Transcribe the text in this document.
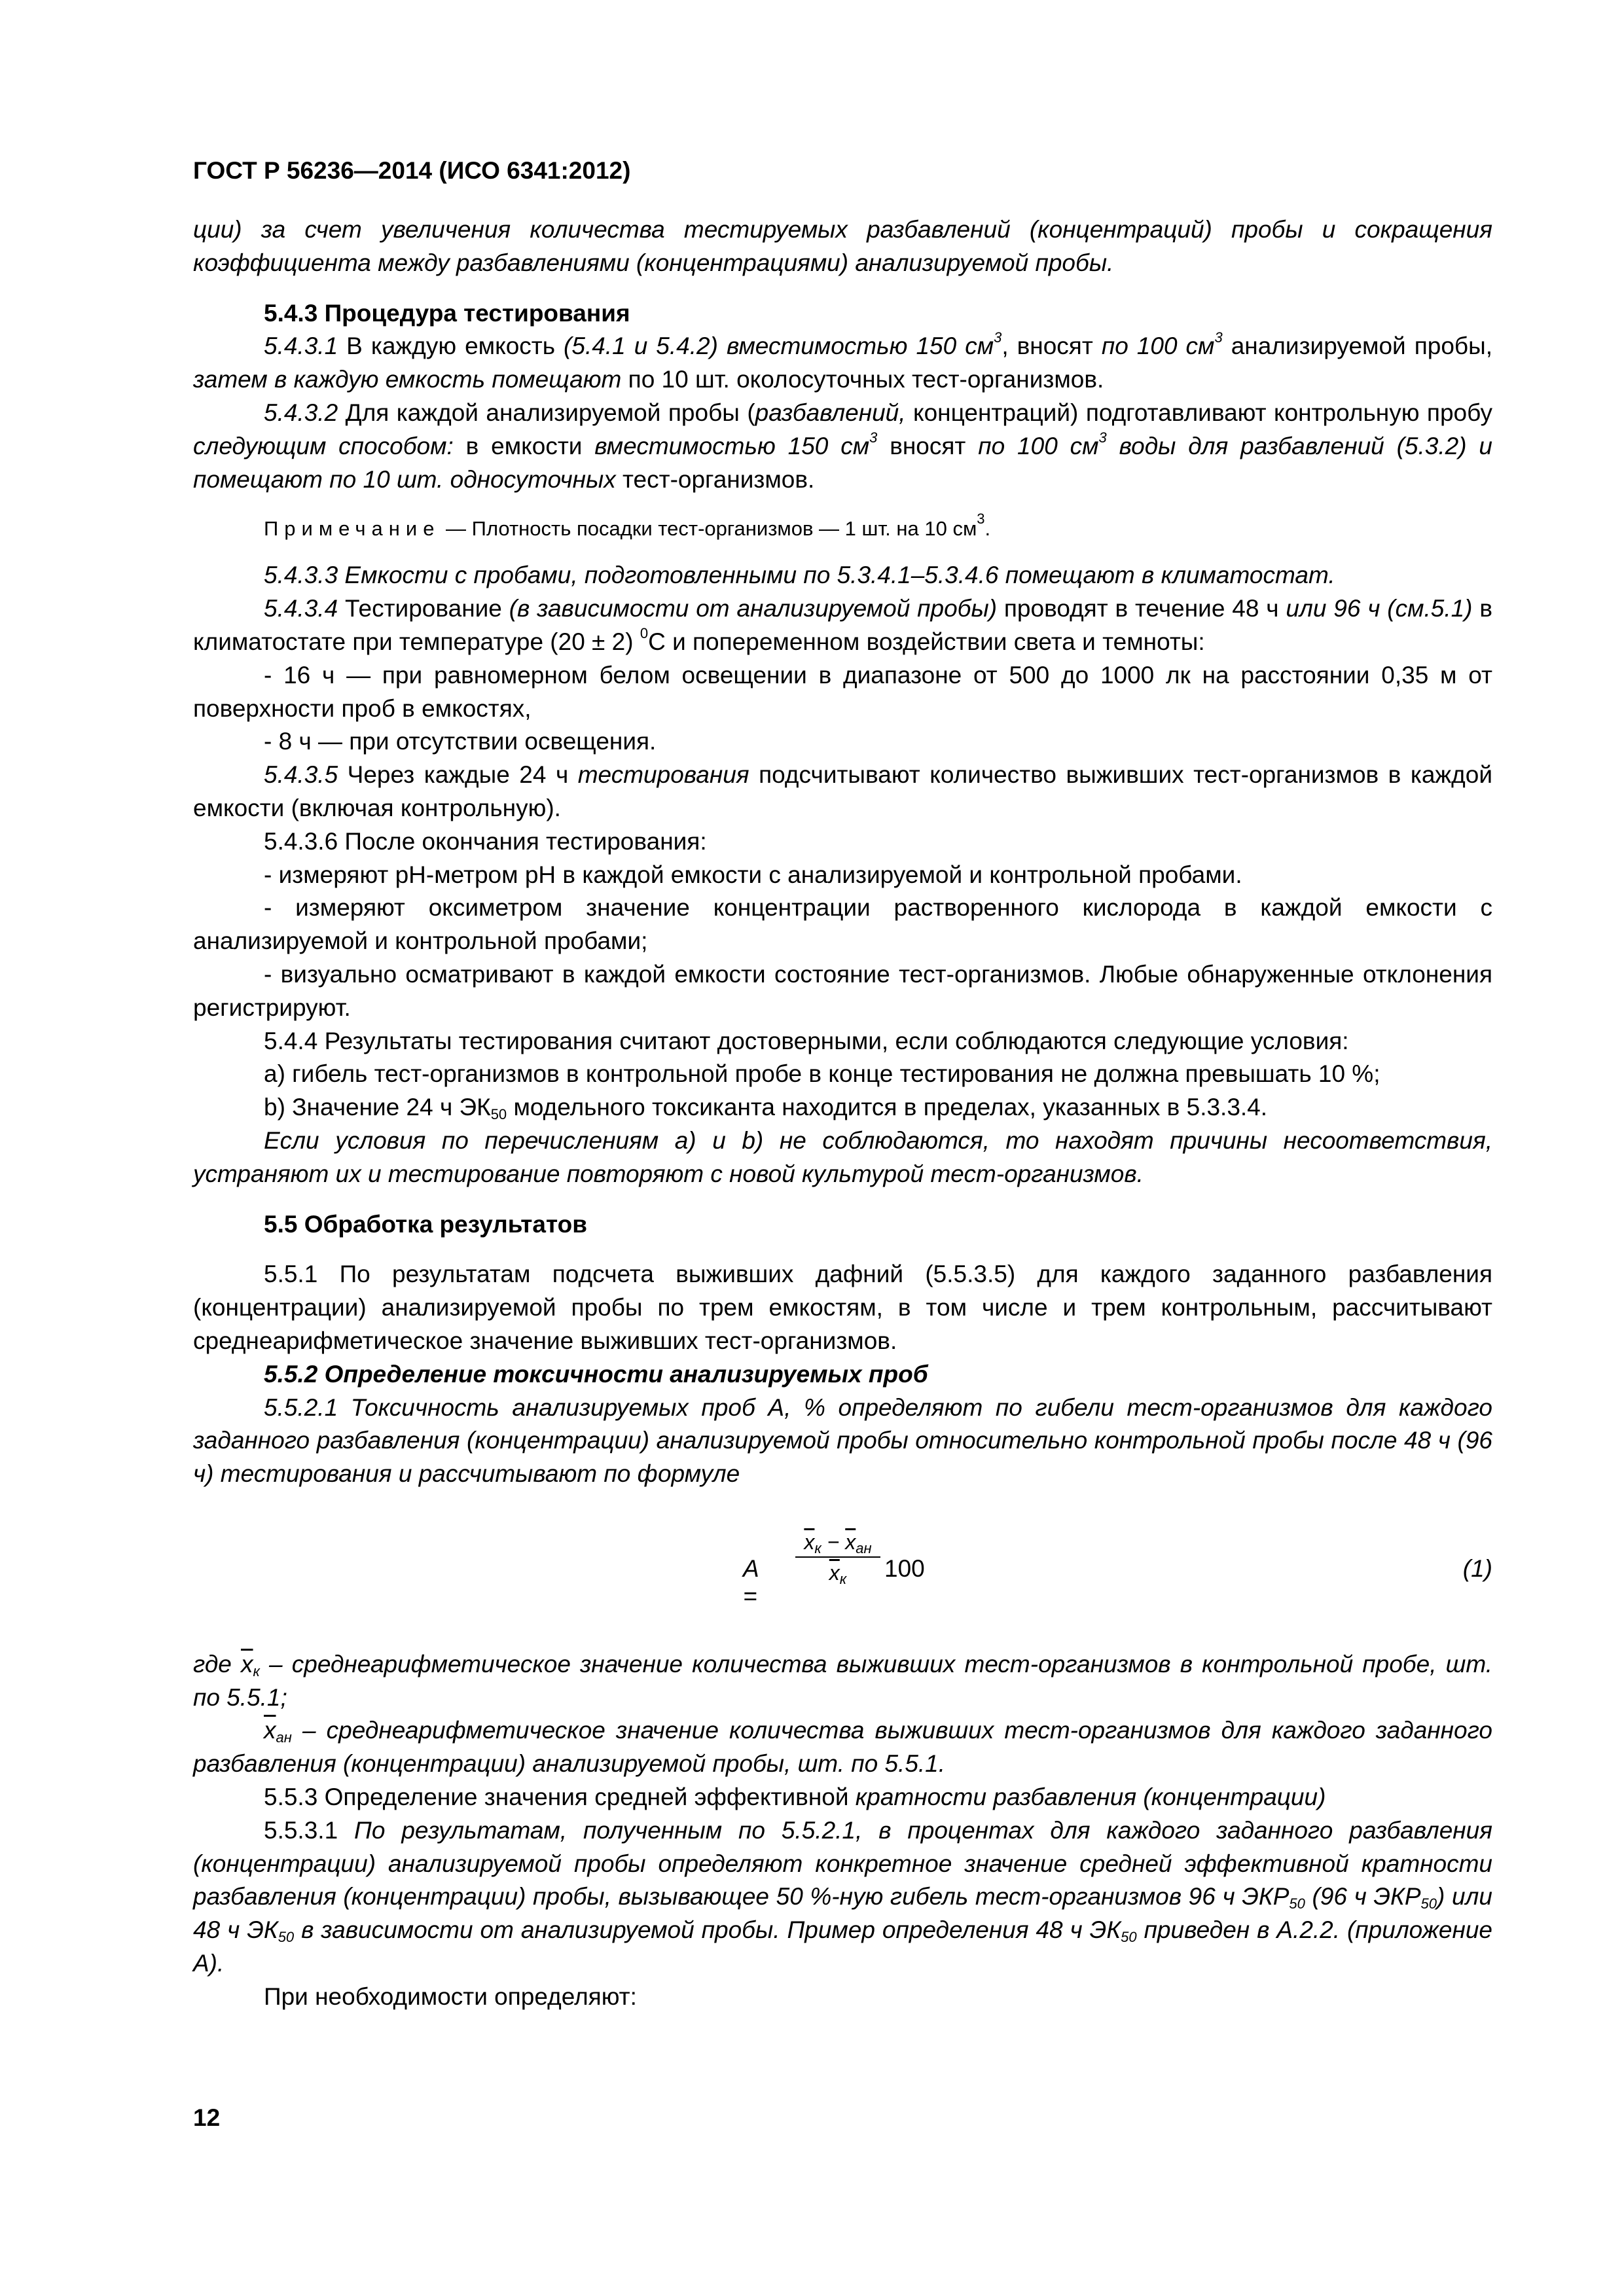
ГОСТ Р 56236—2014 (ИСО 6341:2012)

ции) за счет увеличения количества тестируемых разбавлений (концентраций) пробы и сокращения коэффициента между разбавлениями (концентрациями) анализируемой пробы.

5.4.3 Процедура тестирования

5.4.3.1 В каждую емкость (5.4.1 и 5.4.2) вместимостью 150 $см^3$, вносят по 100 $см^3$ анализируемой пробы, затем в каждую емкость помещают по 10 шт. околосуточных тест-организмов.

5.4.3.2 Для каждой анализируемой пробы (разбавлений, концентраций) подготавливают контрольную пробу следующим способом: в емкости вместимостью 150 $см^3$ вносят по 100 $см^3$ воды для разбавлений (5.3.2) и помещают по 10 шт. односуточных тест-организмов.

Примечание — Плотность посадки тест-организмов — 1 шт. на 10 $см^3$.

5.4.3.3 Емкости с пробами, подготовленными по 5.3.4.1–5.3.4.6 помещают в климатостат.

5.4.3.4 Тестирование (в зависимости от анализируемой пробы) проводят в течение 48 ч или 96 ч (см.5.1) в климатостате при температуре (20 ± 2) $^0$С и попеременном воздействии света и темноты:

- 16 ч — при равномерном белом освещении в диапазоне от 500 до 1000 лк на расстоянии 0,35 м от поверхности проб в емкостях,

- 8 ч — при отсутствии освещения.

5.4.3.5 Через каждые 24 ч тестирования подсчитывают количество выживших тест-организмов в каждой емкости (включая контрольную).

5.4.3.6 После окончания тестирования:

- измеряют рН-метром рН в каждой емкости с анализируемой и контрольной пробами.

- измеряют оксиметром значение концентрации растворенного кислорода в каждой емкости с анализируемой и контрольной пробами;

- визуально осматривают в каждой емкости состояние тест-организмов. Любые обнаруженные отклонения регистрируют.

5.4.4 Результаты тестирования считают достоверными, если соблюдаются следующие условия:

а) гибель тест-организмов в контрольной пробе в конце тестирования не должна превышать 10 %;

b) Значение 24 ч $ЭК_{50}$ модельного токсиканта находится в пределах, указанных в 5.3.3.4.

Если условия по перечислениям а) и b) не соблюдаются, то находят причины несоответствия, устраняют их и тестирование повторяют с новой культурой тест-организмов.

5.5 Обработка результатов

5.5.1 По результатам подсчета выживших дафний (5.5.3.5) для каждого заданного разбавления (концентрации) анализируемой пробы по трем емкостям, в том числе и трем контрольным, рассчитывают среднеарифметическое значение выживших тест-организмов.

5.5.2 Определение токсичности анализируемых проб

5.5.2.1 Токсичность анализируемых проб А, % определяют по гибели тест-организмов для каждого заданного разбавления (концентрации) анализируемой пробы относительно контрольной пробы после 48 ч (96 ч) тестирования и рассчитывают по формуле

A =
$\overline{x}_к - \overline{x}_{ан}$
$\overline{x}_к$	100	(1)

где $\overline{x}_к$ – среднеарифметическое значение количества выживших тест-организмов в контрольной пробе, шт. по 5.5.1;

$\overline{x}_{ан}$ – среднеарифметическое значение количества выживших тест-организмов для каждого заданного разбавления (концентрации) анализируемой пробы, шт. по 5.5.1.

5.5.3 Определение значения средней эффективной кратности разбавления (концентрации)

5.5.3.1 По результатам, полученным по 5.5.2.1, в процентах для каждого заданного разбавления (концентрации) анализируемой пробы определяют конкретное значение средней эффективной кратности разбавления (концентрации) пробы, вызывающее 50 %-ную гибель тест-организмов 96 ч $ЭКР_{50}$ (96 ч $ЭКР_{50}$) или 48 ч $ЭК_{50}$ в зависимости от анализируемой пробы. Пример определения 48 ч $ЭК_{50}$ приведен в А.2.2. (приложение А).

При необходимости определяют:

12
